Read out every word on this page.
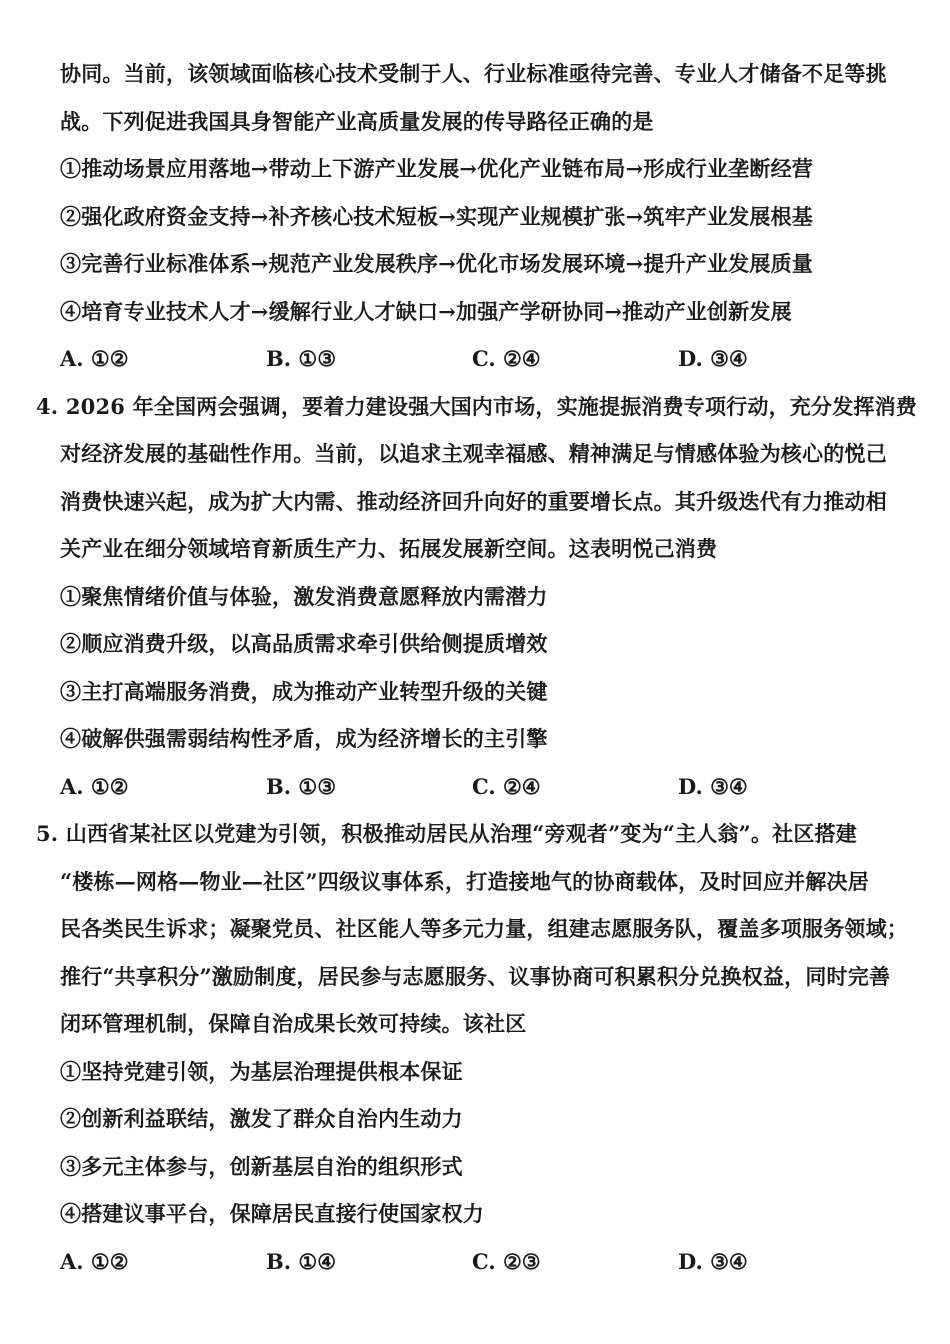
协同。当前，该领域面临核心技术受制于人、行业标准亟待完善、专业人才储备不足等挑
战。下列促进我国具身智能产业高质量发展的传导路径正确的是
①推动场景应用落地→带动上下游产业发展→优化产业链布局→形成行业垄断经营
②强化政府资金支持→补齐核心技术短板→实现产业规模扩张→筑牢产业发展根基
③完善行业标准体系→规范产业发展秩序→优化市场发展环境→提升产业发展质量
④培育专业技术人才→缓解行业人才缺口→加强产学研协同→推动产业创新发展
A. ①②	B. ①③	C. ②④	D. ③④
4. 2026 年全国两会强调，要着力建设强大国内市场，实施提振消费专项行动，充分发挥消费
对经济发展的基础性作用。当前，以追求主观幸福感、精神满足与情感体验为核心的悦己
消费快速兴起，成为扩大内需、推动经济回升向好的重要增长点。其升级迭代有力推动相
关产业在细分领域培育新质生产力、拓展发展新空间。这表明悦己消费
①聚焦情绪价值与体验，激发消费意愿释放内需潜力
②顺应消费升级，以高品质需求牵引供给侧提质增效
③主打高端服务消费，成为推动产业转型升级的关键
④破解供强需弱结构性矛盾，成为经济增长的主引擎
A. ①②	B. ①③	C. ②④	D. ③④
5. 山西省某社区以党建为引领，积极推动居民从治理“旁观者”变为“主人翁”。社区搭建
“楼栋—网格—物业—社区”四级议事体系，打造接地气的协商载体，及时回应并解决居
民各类民生诉求；凝聚党员、社区能人等多元力量，组建志愿服务队，覆盖多项服务领域；
推行“共享积分”激励制度，居民参与志愿服务、议事协商可积累积分兑换权益，同时完善
闭环管理机制，保障自治成果长效可持续。该社区
①坚持党建引领，为基层治理提供根本保证
②创新利益联结，激发了群众自治内生动力
③多元主体参与，创新基层自治的组织形式
④搭建议事平台，保障居民直接行使国家权力
A. ①②	B. ①④	C. ②③	D. ③④
